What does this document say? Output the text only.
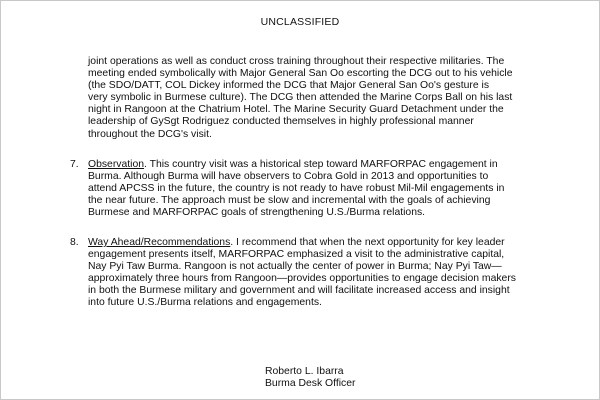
UNCLASSIFIED

joint operations as well as conduct cross training throughout their respective militaries. The
meeting ended symbolically with Major General San Oo escorting the DCG out to his vehicle
(the SDO/DATT, COL Dickey informed the DCG that Major General San Oo's gesture is
very symbolic in Burmese culture). The DCG then attended the Marine Corps Ball on his last
night in Rangoon at the Chatrium Hotel. The Marine Security Guard Detachment under the
leadership of GySgt Rodriguez conducted themselves in highly professional manner
throughout the DCG's visit.

7. Observation. This country visit was a historical step toward MARFORPAC engagement in
Burma. Although Burma will have observers to Cobra Gold in 2013 and opportunities to
attend APCSS in the future, the country is not ready to have robust Mil-Mil engagements in
the near future. The approach must be slow and incremental with the goals of achieving
Burmese and MARFORPAC goals of strengthening U.S./Burma relations.

8. Way Ahead/Recommendations. I recommend that when the next opportunity for key leader
engagement presents itself, MARFORPAC emphasized a visit to the administrative capital,
Nay Pyi Taw Burma. Rangoon is not actually the center of power in Burma; Nay Pyi Taw—
approximately three hours from Rangoon—provides opportunities to engage decision makers
in both the Burmese military and government and will facilitate increased access and insight
into future U.S./Burma relations and engagements.

Roberto L. Ibarra
Burma Desk Officer
